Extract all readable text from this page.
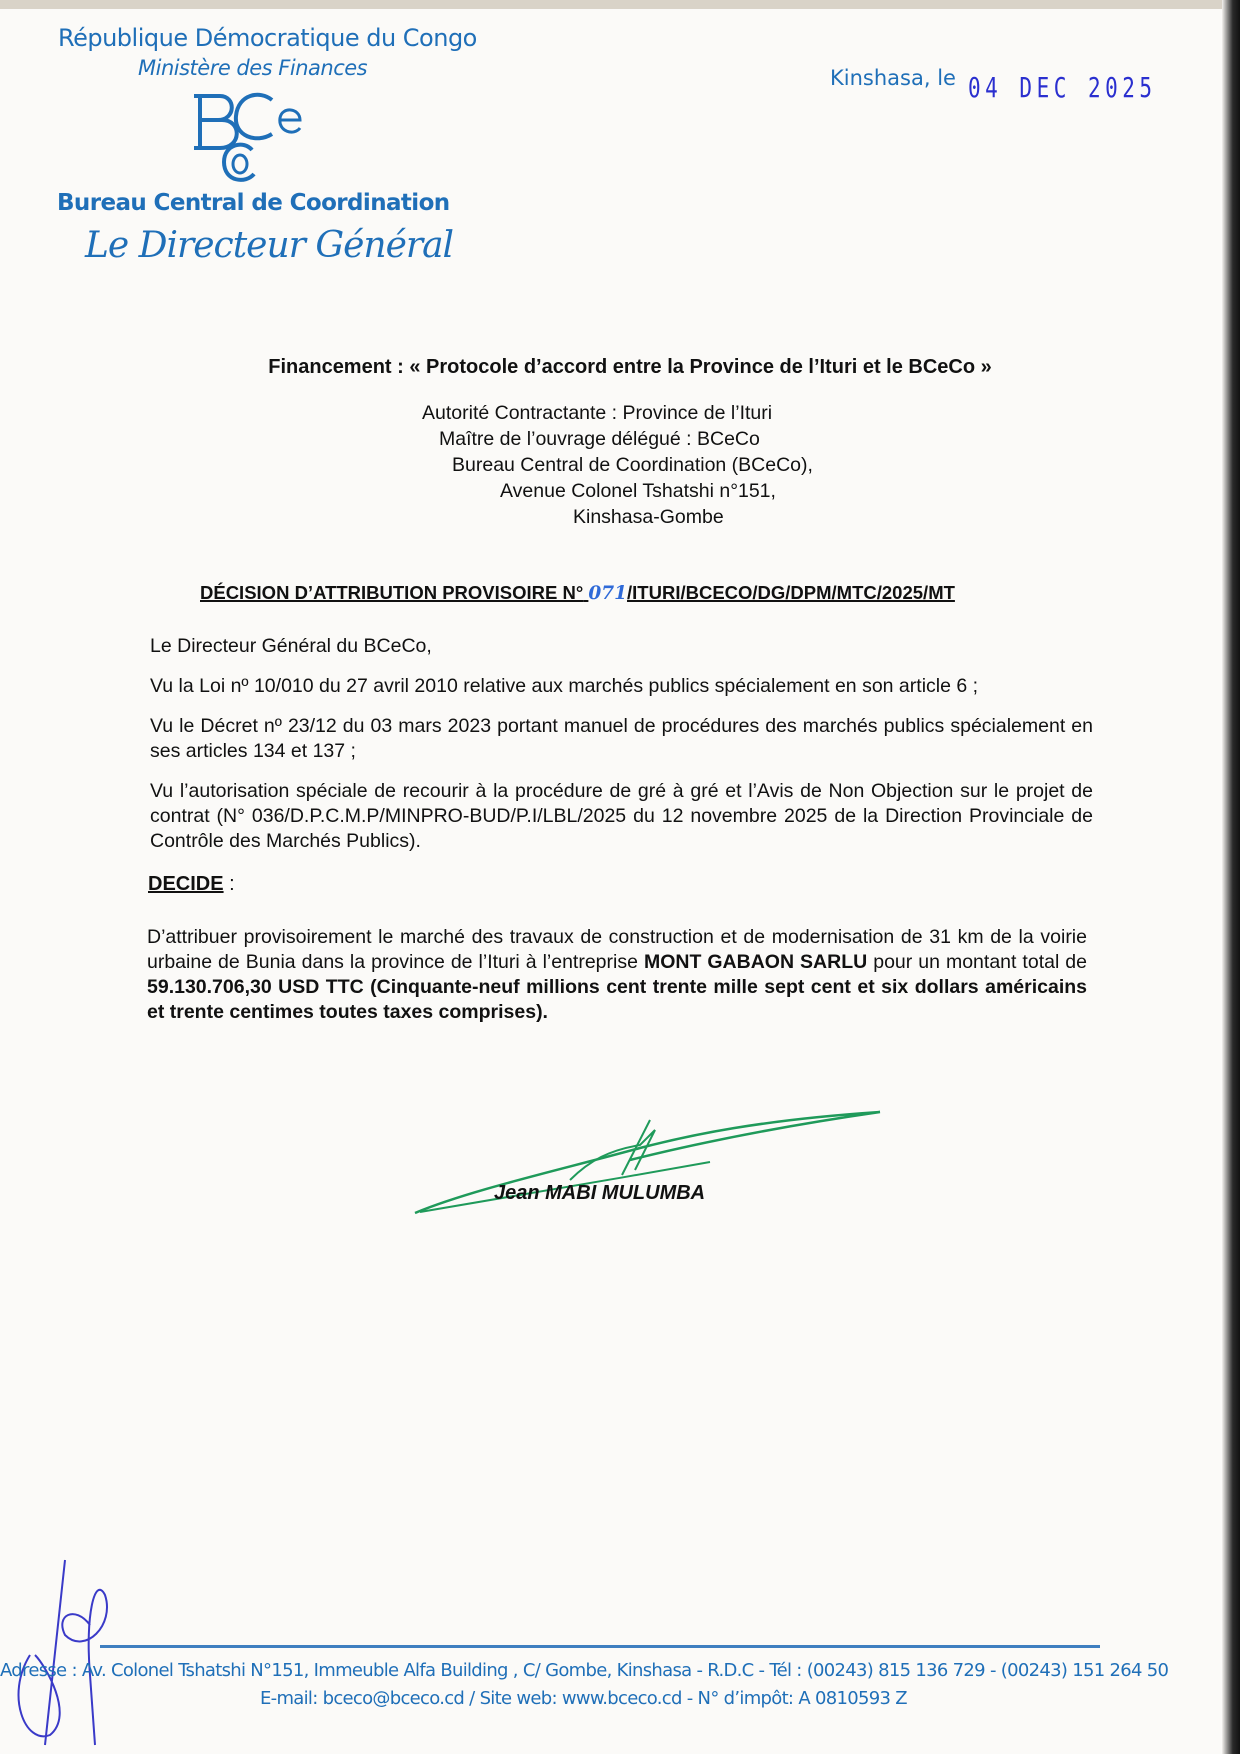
République Démocratique du Congo
Ministère des Finances
Bureau Central de Coordination
Le Directeur Général
Kinshasa, le 04 DEC 2025
Financement : « Protocole d’accord entre la Province de l’Ituri et le BCeCo »
Autorité Contractante : Province de l’Ituri
Maître de l’ouvrage délégué : BCeCo
Bureau Central de Coordination (BCeCo),
Avenue Colonel Tshatshi n°151,
Kinshasa-Gombe
DÉCISION D’ATTRIBUTION PROVISOIRE N° 071/ITURI/BCECO/DG/DPM/MTC/2025/MT
Le Directeur Général du BCeCo,
Vu la Loi nº 10/010 du 27 avril 2010 relative aux marchés publics spécialement en son article 6 ;
Vu le Décret nº 23/12 du 03 mars 2023 portant manuel de procédures des marchés publics spécialement en ses articles 134 et 137 ;
Vu l’autorisation spéciale de recourir à la procédure de gré à gré et l’Avis de Non Objection sur le projet de contrat (N° 036/D.P.C.M.P/MINPRO-BUD/P.I/LBL/2025 du 12 novembre 2025 de la Direction Provinciale de Contrôle des Marchés Publics).
DECIDE :
D’attribuer provisoirement le marché des travaux de construction et de modernisation de 31 km de la voirie urbaine de Bunia dans la province de l’Ituri à l’entreprise MONT GABAON SARLU pour un montant total de 59.130.706,30 USD TTC (Cinquante-neuf millions cent trente mille sept cent et six dollars américains et trente centimes toutes taxes comprises).
Jean MABI MULUMBA
Adresse : Av. Colonel Tshatshi N°151, Immeuble Alfa Building , C/ Gombe, Kinshasa - R.D.C - Tél : (00243) 815 136 729 - (00243) 151 264 50
E-mail: bceco@bceco.cd / Site web: www.bceco.cd - N° d’impôt: A 0810593 Z
